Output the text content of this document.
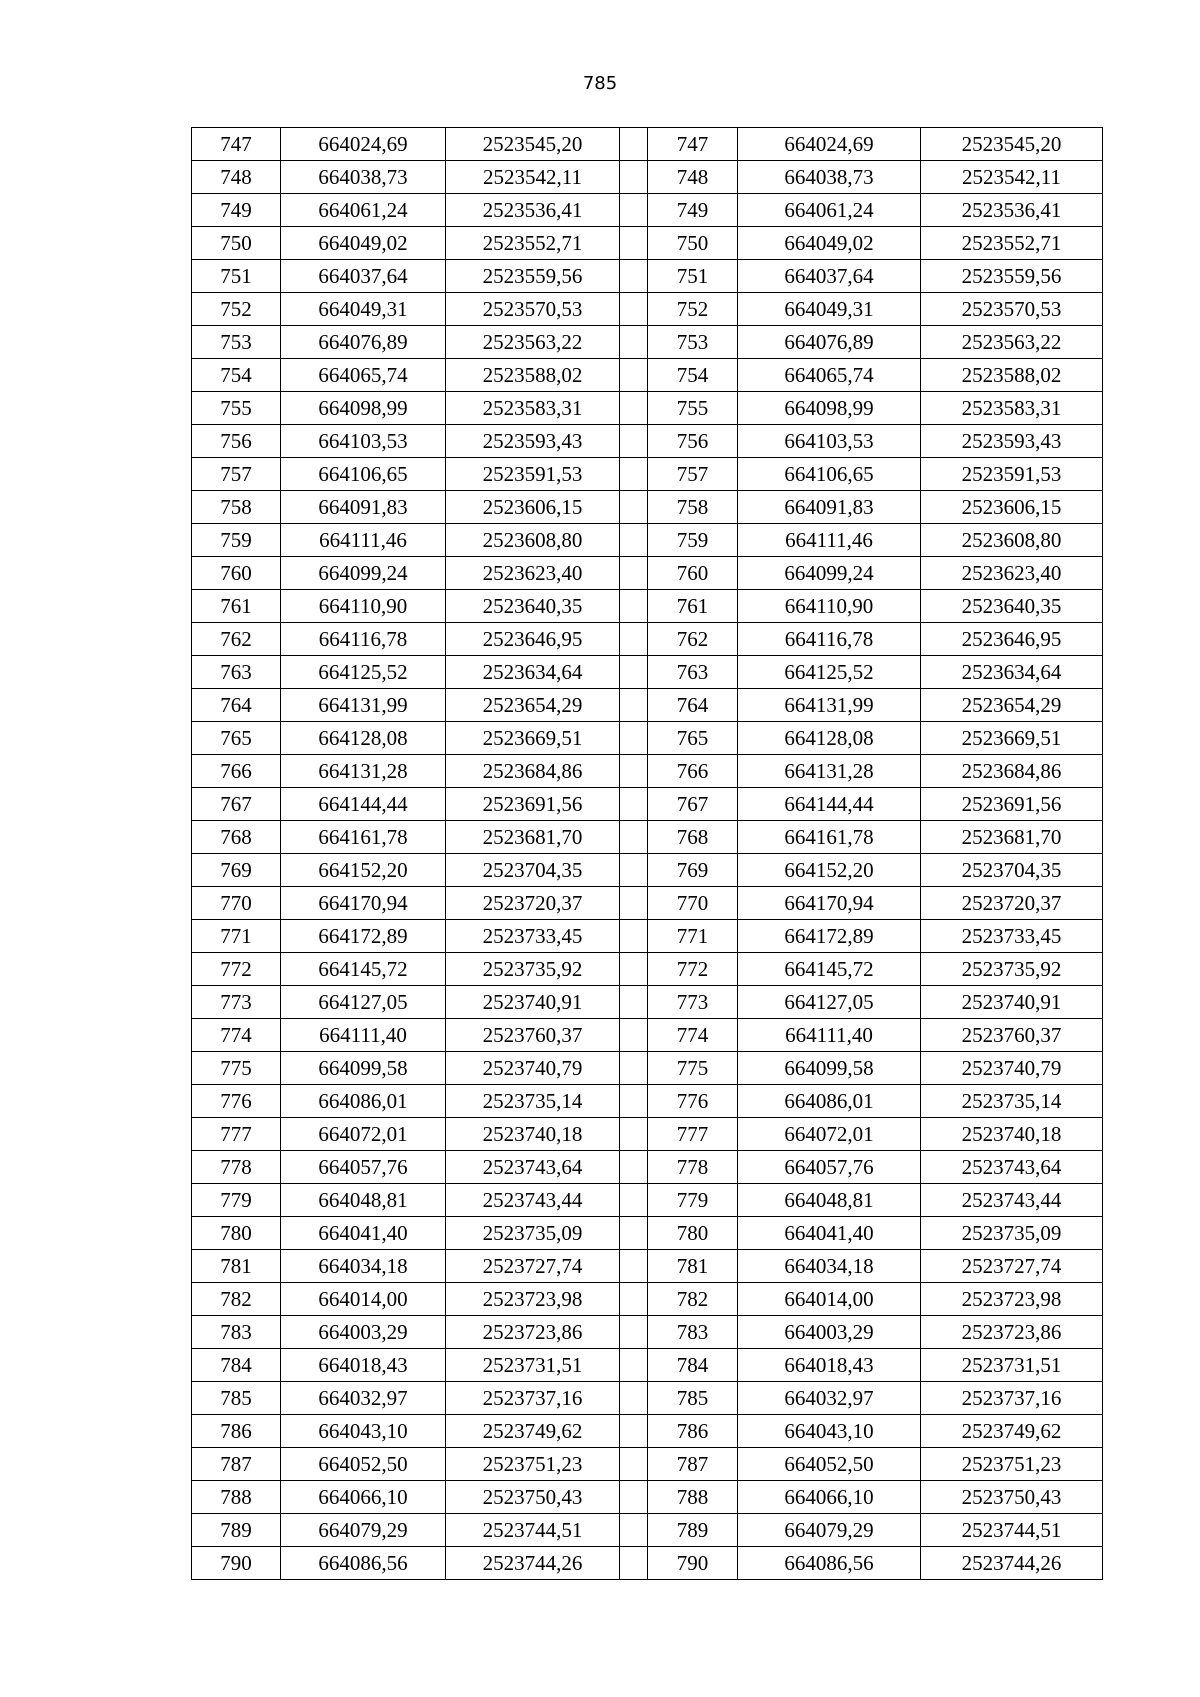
785
747	664024,69	2523545,20		747	664024,69	2523545,20
748	664038,73	2523542,11		748	664038,73	2523542,11
749	664061,24	2523536,41		749	664061,24	2523536,41
750	664049,02	2523552,71		750	664049,02	2523552,71
751	664037,64	2523559,56		751	664037,64	2523559,56
752	664049,31	2523570,53		752	664049,31	2523570,53
753	664076,89	2523563,22		753	664076,89	2523563,22
754	664065,74	2523588,02		754	664065,74	2523588,02
755	664098,99	2523583,31		755	664098,99	2523583,31
756	664103,53	2523593,43		756	664103,53	2523593,43
757	664106,65	2523591,53		757	664106,65	2523591,53
758	664091,83	2523606,15		758	664091,83	2523606,15
759	664111,46	2523608,80		759	664111,46	2523608,80
760	664099,24	2523623,40		760	664099,24	2523623,40
761	664110,90	2523640,35		761	664110,90	2523640,35
762	664116,78	2523646,95		762	664116,78	2523646,95
763	664125,52	2523634,64		763	664125,52	2523634,64
764	664131,99	2523654,29		764	664131,99	2523654,29
765	664128,08	2523669,51		765	664128,08	2523669,51
766	664131,28	2523684,86		766	664131,28	2523684,86
767	664144,44	2523691,56		767	664144,44	2523691,56
768	664161,78	2523681,70		768	664161,78	2523681,70
769	664152,20	2523704,35		769	664152,20	2523704,35
770	664170,94	2523720,37		770	664170,94	2523720,37
771	664172,89	2523733,45		771	664172,89	2523733,45
772	664145,72	2523735,92		772	664145,72	2523735,92
773	664127,05	2523740,91		773	664127,05	2523740,91
774	664111,40	2523760,37		774	664111,40	2523760,37
775	664099,58	2523740,79		775	664099,58	2523740,79
776	664086,01	2523735,14		776	664086,01	2523735,14
777	664072,01	2523740,18		777	664072,01	2523740,18
778	664057,76	2523743,64		778	664057,76	2523743,64
779	664048,81	2523743,44		779	664048,81	2523743,44
780	664041,40	2523735,09		780	664041,40	2523735,09
781	664034,18	2523727,74		781	664034,18	2523727,74
782	664014,00	2523723,98		782	664014,00	2523723,98
783	664003,29	2523723,86		783	664003,29	2523723,86
784	664018,43	2523731,51		784	664018,43	2523731,51
785	664032,97	2523737,16		785	664032,97	2523737,16
786	664043,10	2523749,62		786	664043,10	2523749,62
787	664052,50	2523751,23		787	664052,50	2523751,23
788	664066,10	2523750,43		788	664066,10	2523750,43
789	664079,29	2523744,51		789	664079,29	2523744,51
790	664086,56	2523744,26		790	664086,56	2523744,26
